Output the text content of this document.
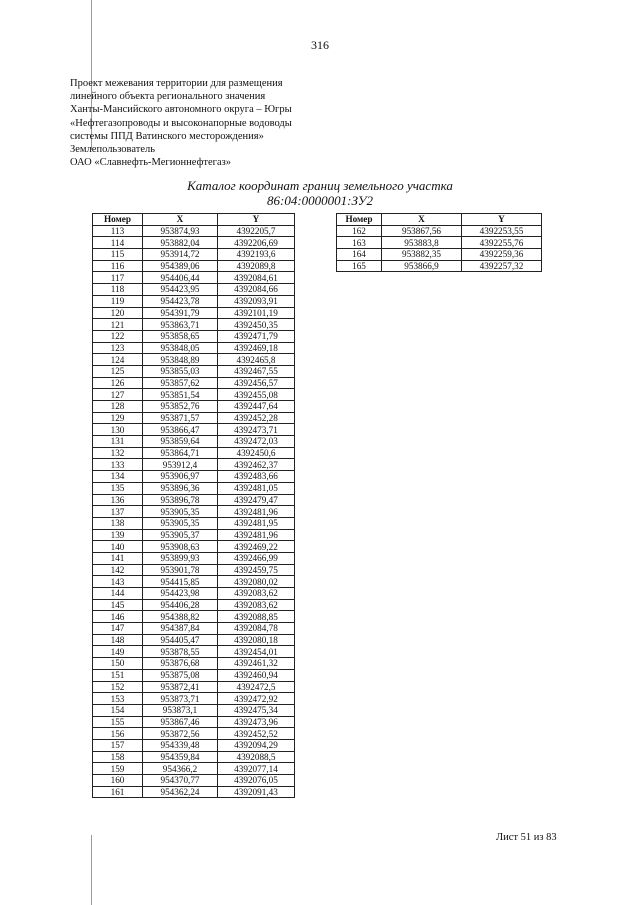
316
Проект межевания территории для размещения
линейного объекта регионального значения
Ханты-Мансийского автономного округа – Югры
«Нефтегазопроводы и высоконапорные водоводы
системы ППД Ватинского месторождения»
Землепользователь
ОАО «Славнефть-Мегионнефтегаз»
Каталог координат границ земельного участка
86:04:0000001:ЗУ2
Номер	X	Y
113	953874,93	4392205,7
114	953882,04	4392206,69
115	953914,72	4392193,6
116	954389,06	4392089,8
117	954406,44	4392084,61
118	954423,95	4392084,66
119	954423,78	4392093,91
120	954391,79	4392101,19
121	953863,71	4392450,35
122	953858,65	4392471,79
123	953848,05	4392469,18
124	953848,89	4392465,8
125	953855,03	4392467,55
126	953857,62	4392456,57
127	953851,54	4392455,08
128	953852,76	4392447,64
129	953871,57	4392452,28
130	953866,47	4392473,71
131	953859,64	4392472,03
132	953864,71	4392450,6
133	953912,4	4392462,37
134	953906,97	4392483,66
135	953896,36	4392481,05
136	953896,78	4392479,47
137	953905,35	4392481,96
138	953905,35	4392481,95
139	953905,37	4392481,96
140	953908,63	4392469,22
141	953899,93	4392466,99
142	953901,78	4392459,75
143	954415,85	4392080,02
144	954423,98	4392083,62
145	954406,28	4392083,62
146	954388,82	4392088,85
147	954387,84	4392084,78
148	954405,47	4392080,18
149	953878,55	4392454,01
150	953876,68	4392461,32
151	953875,08	4392460,94
152	953872,41	4392472,5
153	953873,71	4392472,92
154	953873,1	4392475,34
155	953867,46	4392473,96
156	953872,56	4392452,52
157	954339,48	4392094,29
158	954359,84	4392088,5
159	954366,2	4392077,14
160	954370,77	4392076,05
161	954362,24	4392091,43
Номер	X	Y
162	953867,56	4392253,55
163	953883,8	4392255,76
164	953882,35	4392259,36
165	953866,9	4392257,32
Лист 51 из 83
